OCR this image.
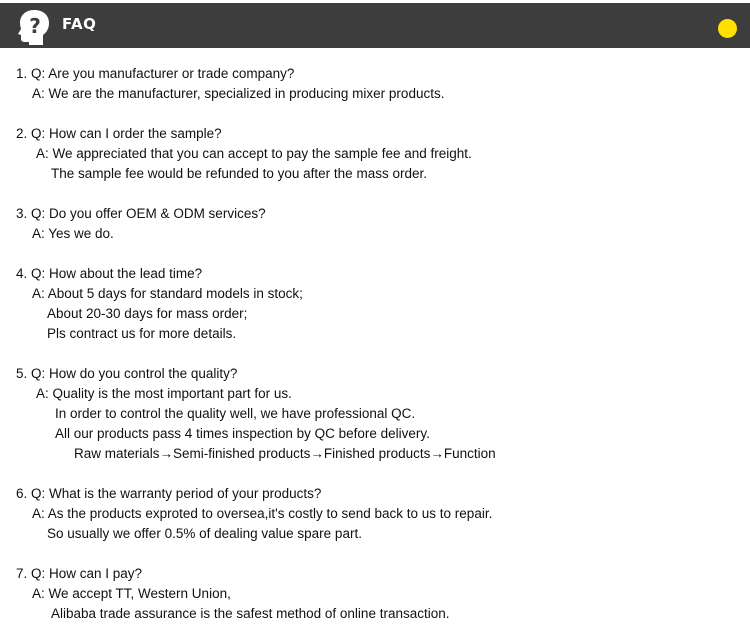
? FAQ
1. Q: Are you manufacturer or trade company?
A: We are the manufacturer, specialized in producing mixer products.
2. Q: How can I order the sample?
A: We appreciated that you can accept to pay the sample fee and freight.
The sample fee would be refunded to you after the mass order.
3. Q: Do you offer OEM & ODM services?
A: Yes we do.
4. Q: How about the lead time?
A: About 5 days for standard models in stock;
About 20-30 days for mass order;
Pls contract us for more details.
5. Q: How do you control the quality?
A: Quality is the most important part for us.
In order to control the quality well, we have professional QC.
All our products pass 4 times inspection by QC before delivery.
Raw materials→Semi-finished products→Finished products→Function
6. Q: What is the warranty period of your products?
A: As the products exproted to oversea,it's costly to send back to us to repair.
So usually we offer 0.5% of dealing value spare part.
7. Q: How can I pay?
A: We accept TT, Western Union,
Alibaba trade assurance is the safest method of online transaction.
